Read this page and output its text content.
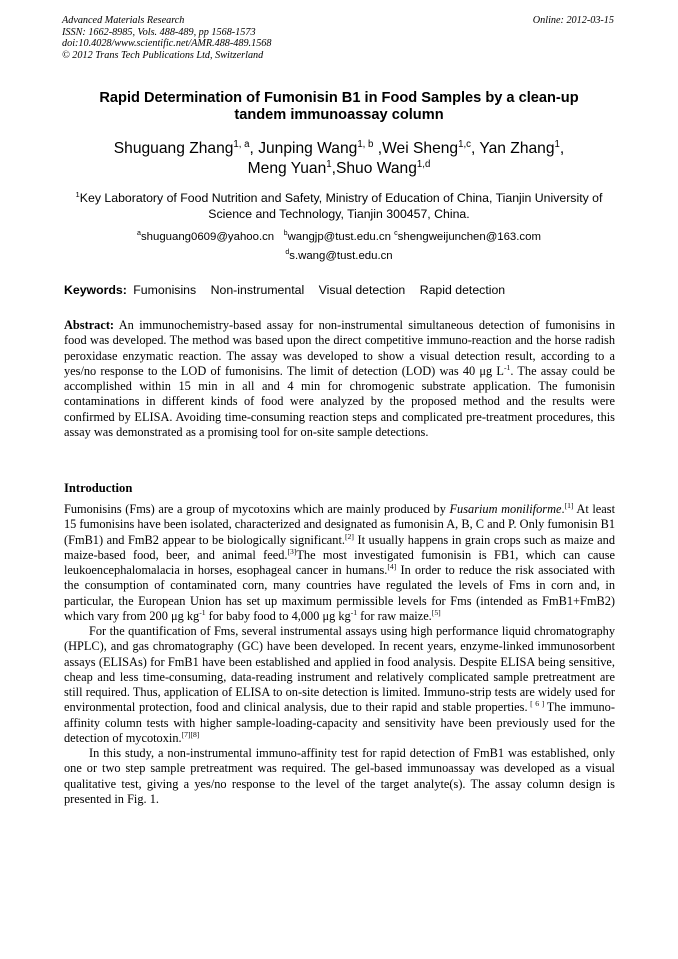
Advanced Materials Research
ISSN: 1662-8985, Vols. 488-489, pp 1568-1573
doi:10.4028/www.scientific.net/AMR.488-489.1568
© 2012 Trans Tech Publications Ltd, Switzerland
Online: 2012-03-15
Rapid Determination of Fumonisin B1 in Food Samples by a clean-up
tandem immunoassay column
Shuguang Zhang$^{1, a}$, Junping Wang$^{1, b}$ ,Wei Sheng$^{1,c}$, Yan Zhang$^1$,
Meng Yuan$^1$,Shuo Wang$^{1,d}$
$^1$Key Laboratory of Food Nutrition and Safety, Ministry of Education of China, Tianjin University of
Science and Technology, Tianjin 300457, China.
$^a$shuguang0609@yahoo.cn $^b$wangjp@tust.edu.cn $^c$shengweijunchen@163.com
$^d$s.wang@tust.edu.cn
Keywords: Fumonisins Non-instrumental Visual detection Rapid detection
Abstract: An immunochemistry-based assay for non-instrumental simultaneous detection of fumonisins in food was developed. The method was based upon the direct competitive immuno-reaction and the horse radish peroxidase enzymatic reaction. The assay was developed to show a visual detection result, according to a yes/no response to the LOD of fumonisins. The limit of detection (LOD) was 40 μg $L^{-1}$. The assay could be accomplished within 15 min in all and 4 min for chromogenic substrate application. The fumonisin contaminations in different kinds of food were analyzed by the proposed method and the results were confirmed by ELISA. Avoiding time-consuming reaction steps and complicated pre-treatment procedures, this assay was demonstrated as a promising tool for on-site sample detections.
Introduction

Fumonisins (Fms) are a group of mycotoxins which are mainly produced by Fusarium moniliforme.[1] At least 15 fumonisins have been isolated, characterized and designated as fumonisin A, B, C and P. Only fumonisin B1 (FmB1) and FmB2 appear to be biologically significant.[2] It usually happens in grain crops such as maize and maize-based food, beer, and animal feed.[3]The most investigated fumonisin is FB1, which can cause leukoencephalomalacia in horses, esophageal cancer in humans.[4] In order to reduce the risk associated with the consumption of contaminated corn, many countries have regulated the levels of Fms in corn and, in particular, the European Union has set up maximum permissible levels for Fms (intended as FmB1+FmB2) which vary from 200 μg $kg^{-1}$ for baby food to 4,000 μg $kg^{-1}$ for raw maize.[5]

For the quantification of Fms, several instrumental assays using high performance liquid chromatography (HPLC), and gas chromatography (GC) have been developed. In recent years, enzyme-linked immunosorbent assays (ELISAs) for FmB1 have been established and applied in food analysis. Despite ELISA being sensitive, cheap and less time-consuming, data-reading instrument and relatively complicated sample pretreatment are still required. Thus, application of ELISA to on-site detection is limited. Immuno-strip tests are widely used for environmental protection, food and clinical analysis, due to their rapid and stable properties. [ 6 ] The immuno-affinity column tests with higher sample-loading-capacity and sensitivity have been previously used for the detection of mycotoxin.[7][8]

In this study, a non-instrumental immuno-affinity test for rapid detection of FmB1 was established, only one or two step sample pretreatment was required. The gel-based immunoassay was developed as a visual qualitative test, giving a yes/no response to the level of the target analyte(s). The assay column design is presented in Fig. 1.
